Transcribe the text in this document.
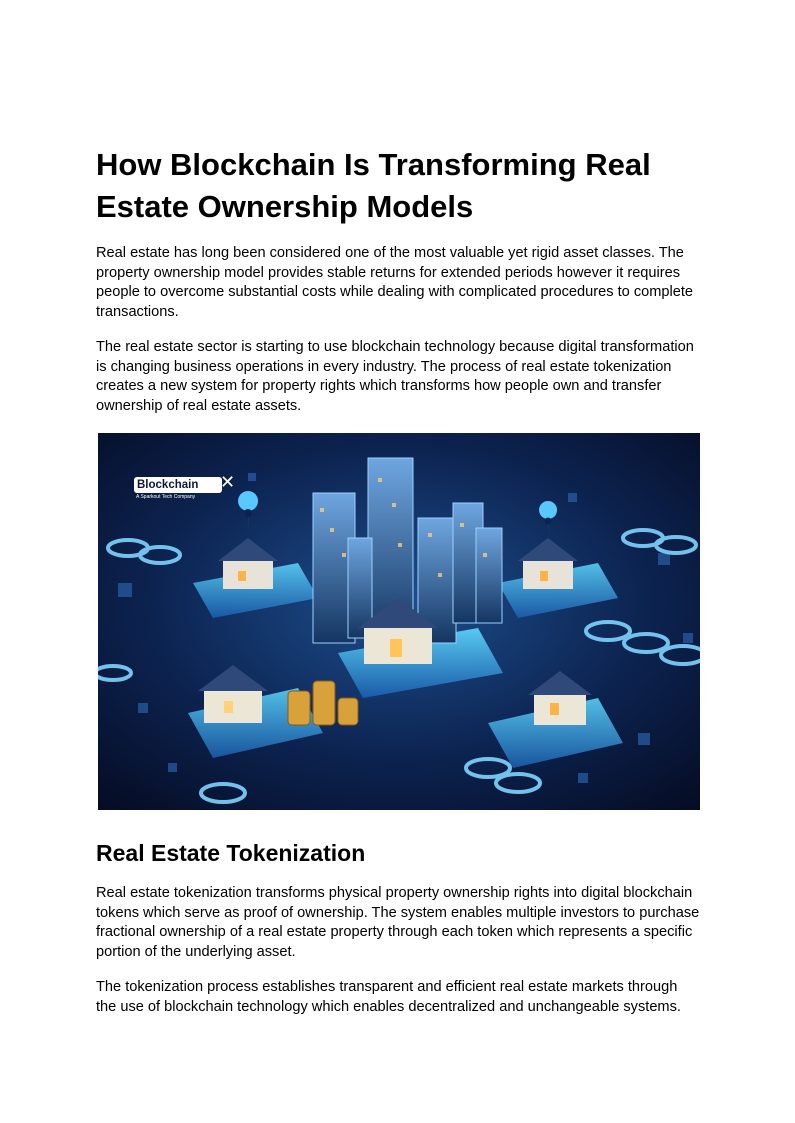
How Blockchain Is Transforming Real Estate Ownership Models

Real estate has long been considered one of the most valuable yet rigid asset classes. The property ownership model provides stable returns for extended periods however it requires people to overcome substantial costs while dealing with complicated procedures to complete transactions.

The real estate sector is starting to use blockchain technology because digital transformation is changing business operations in every industry. The process of real estate tokenization creates a new system for property rights which transforms how people own and transfer ownership of real estate assets.

Blockchain ✕
A Sparkout Tech Company
Real Estate Tokenization

Real estate tokenization transforms physical property ownership rights into digital blockchain tokens which serve as proof of ownership. The system enables multiple investors to purchase fractional ownership of a real estate property through each token which represents a specific portion of the underlying asset.

The tokenization process establishes transparent and efficient real estate markets through the use of blockchain technology which enables decentralized and unchangeable systems.
